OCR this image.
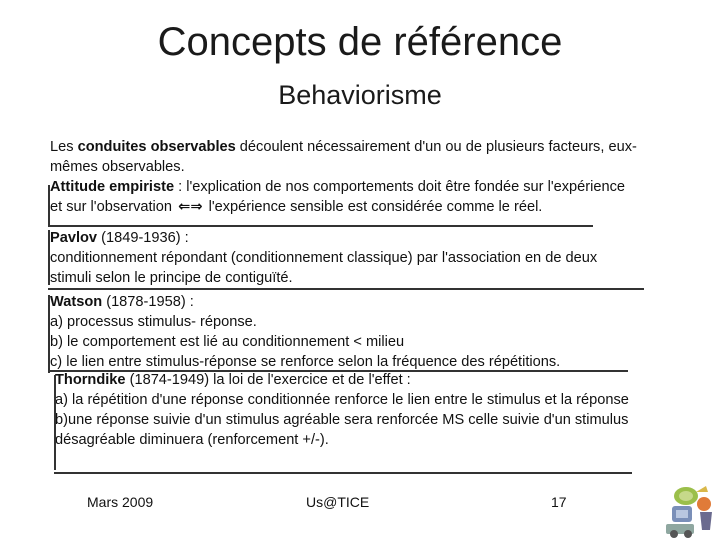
Concepts de référence
Behaviorisme
Les conduites observables découlent nécessairement d'un ou de plusieurs facteurs, eux-
mêmes observables.
Attitude empiriste : l'explication de nos comportements doit être fondée sur l'expérience
et sur l'observation ⇐⇒ l'expérience sensible est considérée comme le réel.
Pavlov (1849-1936) :
conditionnement répondant (conditionnement classique) par l'association en de deux
stimuli selon le principe de contiguïté.
Watson (1878-1958) :
a) processus stimulus- réponse.
b) le comportement est lié au conditionnement < milieu
c) le lien entre stimulus-réponse se renforce selon la fréquence des répétitions.
Thorndike (1874-1949) la loi de l'exercice et de l'effet :
a) la répétition d'une réponse conditionnée renforce le lien entre le stimulus et la réponse
b)une réponse suivie d'un stimulus agréable sera renforcée MS celle suivie d'un stimulus
désagréable diminuera (renforcement +/-).
Mars 2009	Us@TICE	17
